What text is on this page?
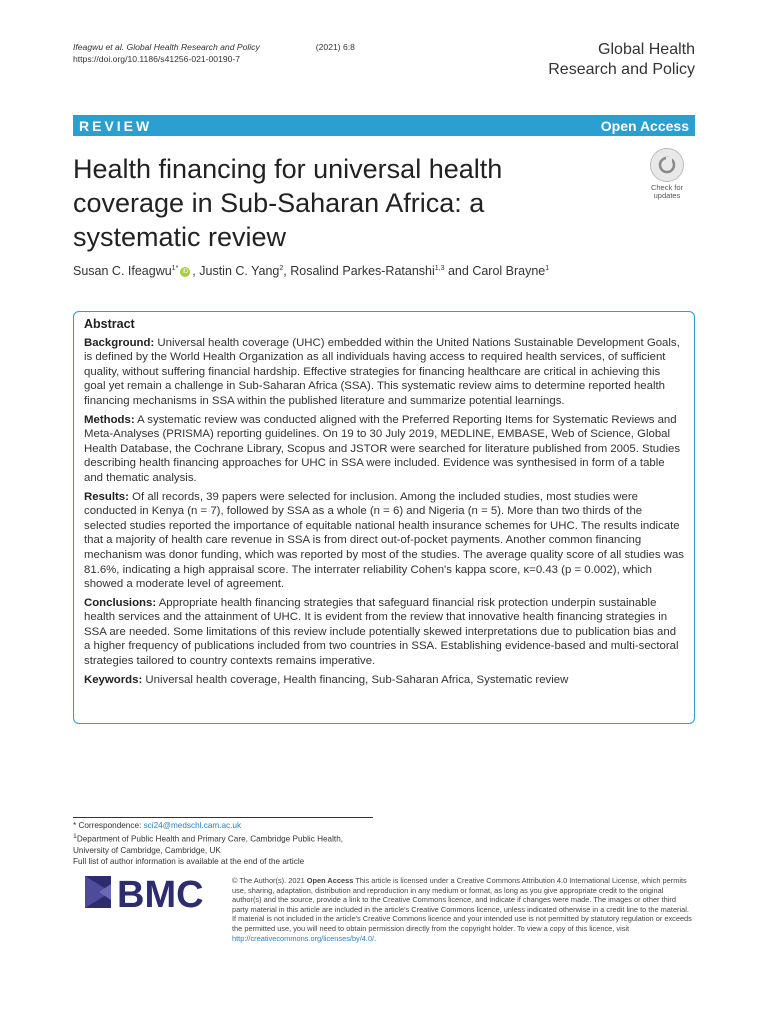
Ifeagwu et al. Global Health Research and Policy	(2021) 6:8
https://doi.org/10.1186/s41256-021-00190-7
Global Health
Research and Policy
REVIEW	Open Access
Health financing for universal health coverage in Sub-Saharan Africa: a systematic review
Check for
updates
Susan C. Ifeagwu$^{1*}$ iD , Justin C. Yang$^2$, Rosalind Parkes-Ratanshi$^{1,3}$ and Carol Brayne$^1$
Abstract

Background: Universal health coverage (UHC) embedded within the United Nations Sustainable Development Goals, is defined by the World Health Organization as all individuals having access to required health services, of sufficient quality, without suffering financial hardship. Effective strategies for financing healthcare are critical in achieving this goal yet remain a challenge in Sub-Saharan Africa (SSA). This systematic review aims to determine reported health financing mechanisms in SSA within the published literature and summarize potential learnings.

Methods: A systematic review was conducted aligned with the Preferred Reporting Items for Systematic Reviews and Meta-Analyses (PRISMA) reporting guidelines. On 19 to 30 July 2019, MEDLINE, EMBASE, Web of Science, Global Health Database, the Cochrane Library, Scopus and JSTOR were searched for literature published from 2005. Studies describing health financing approaches for UHC in SSA were included. Evidence was synthesised in form of a table and thematic analysis.

Results: Of all records, 39 papers were selected for inclusion. Among the included studies, most studies were conducted in Kenya (n = 7), followed by SSA as a whole (n = 6) and Nigeria (n = 5). More than two thirds of the selected studies reported the importance of equitable national health insurance schemes for UHC. The results indicate that a majority of health care revenue in SSA is from direct out-of-pocket payments. Another common financing mechanism was donor funding, which was reported by most of the studies. The average quality score of all studies was 81.6%, indicating a high appraisal score. The interrater reliability Cohen's kappa score, κ=0.43 (p = 0.002), which showed a moderate level of agreement.

Conclusions: Appropriate health financing strategies that safeguard financial risk protection underpin sustainable health services and the attainment of UHC. It is evident from the review that innovative health financing strategies in SSA are needed. Some limitations of this review include potentially skewed interpretations due to publication bias and a higher frequency of publications included from two countries in SSA. Establishing evidence-based and multi-sectoral strategies tailored to country contexts remains imperative.

Keywords: Universal health coverage, Health financing, Sub-Saharan Africa, Systematic review

* Correspondence: sci24@medschl.cam.ac.uk
$^1$Department of Public Health and Primary Care, Cambridge Public Health,
University of Cambridge, Cambridge, UK
Full list of author information is available at the end of the article
BMC	© The Author(s). 2021 Open Access This article is licensed under a Creative Commons Attribution 4.0 International License, which permits use, sharing, adaptation, distribution and reproduction in any medium or format, as long as you give appropriate credit to the original author(s) and the source, provide a link to the Creative Commons licence, and indicate if changes were made. The images or other third party material in this article are included in the article's Creative Commons licence, unless indicated otherwise in a credit line to the material. If material is not included in the article's Creative Commons licence and your intended use is not permitted by statutory regulation or exceeds the permitted use, you will need to obtain permission directly from the copyright holder. To view a copy of this licence, visit http://creativecommons.org/licenses/by/4.0/.
